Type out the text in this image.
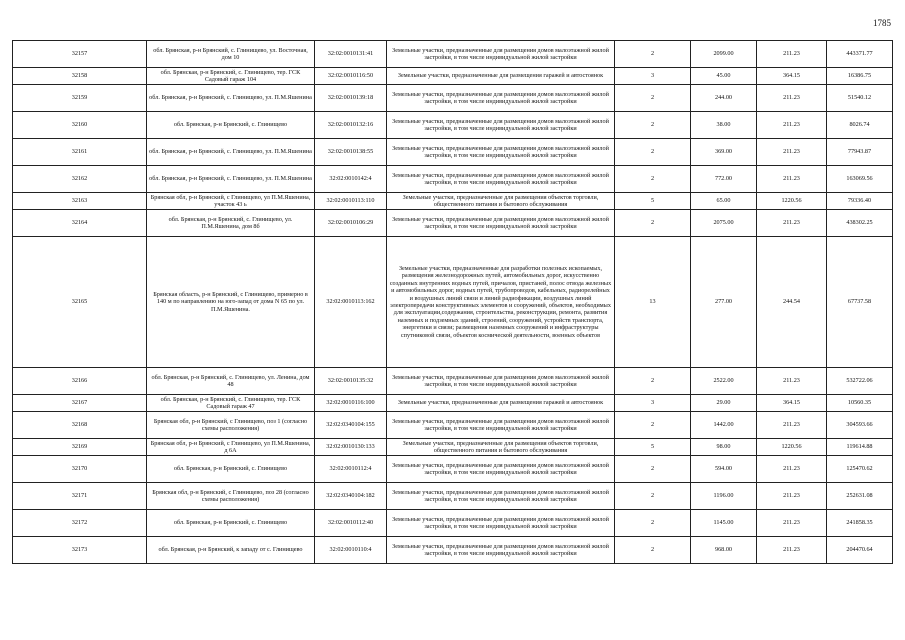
1785
32157	обл. Брянская, р-н Брянский, с. Глинищево, ул. Восточная, дом 10	32:02:0010131:41	Земельные участки, предназначенные для размещения домов малоэтажной жилой застройки, в том числе индивидуальной жилой застройки	2	2099.00	211.23	443371.77
32158	обл. Брянская, р-н Брянский, с. Глинищево, тер. ГСК Садовый гараж 104	32:02:0010116:50	Земельные участки, предназначенные для размещения гаражей и автостоянок	3	45.00	364.15	16386.75
32159	обл. Брянская, р-н Брянский, с. Глинищево, ул. П.М.Яшенина	32:02:0010139:18	Земельные участки, предназначенные для размещения домов малоэтажной жилой застройки, в том числе индивидуальной жилой застройки	2	244.00	211.23	51540.12
32160	обл. Брянская, р-н Брянский, с. Глинищево	32:02:0010132:16	Земельные участки, предназначенные для размещения домов малоэтажной жилой застройки, в том числе индивидуальной жилой застройки	2	38.00	211.23	8026.74
32161	обл. Брянская, р-н Брянский, с. Глинищево, ул. П.М.Яшенина	32:02:0010138:55	Земельные участки, предназначенные для размещения домов малоэтажной жилой застройки, в том числе индивидуальной жилой застройки	2	369.00	211.23	77943.87
32162	обл. Брянская, р-н Брянский, с. Глинищево, ул. П.М.Яшенина	32:02:0010142:4	Земельные участки, предназначенные для размещения домов малоэтажной жилой застройки, в том числе индивидуальной жилой застройки	2	772.00	211.23	163069.56
32163	Брянская обл, р-н Брянский, с Глинищево, ул П.М.Яшенина, участок 43 ь	32:02:0010113:110	Земельные участки, предназначенные для размещения объектов торговли, общественного питания и бытового обслуживания	5	65.00	1220.56	79336.40
32164	обл. Брянская, р-н Брянский, с. Глинищево, ул. П.М.Яшенина, дом 8б	32:02:0010106:29	Земельные участки, предназначенные для размещения домов малоэтажной жилой застройки, в том числе индивидуальной жилой застройки	2	2075.00	211.23	438302.25
32165	Брянская область, р-н Брянский, с Глинищево, примерно в 140 м по направлению на юго-запад от дома N 65 по ул. П.М.Яшенина.	32:02:0010113:162	Земельные участки, предназначенные для разработки полезных ископаемых, размещения железнодорожных путей, автомобильных дорог, искусственно созданных внутренних водных путей, причалов, пристаней, полос отвода железных и автомобильных дорог, водных путей, трубопроводов, кабельных, радиорелейных и воздушных линий связи и линий радиофикации, воздушных линий электропередачи конструктивных элементов и сооружений, объектов, необходимых для эксплуатации,содержания, строительства, реконструкции, ремонта, развития наземных и подземных зданий, строений, сооружений, устройств транспорта, энергетики и связи; размещения наземных сооружений и инфраструктуры спутниковой связи, объектов космической деятельности, военных объектов	13	277.00	244.54	67737.58
32166	обл. Брянская, р-н Брянский, с. Глинищево, ул. Ленина, дом 48	32:02:0010135:32	Земельные участки, предназначенные для размещения домов малоэтажной жилой застройки, в том числе индивидуальной жилой застройки	2	2522.00	211.23	532722.06
32167	обл. Брянская, р-н Брянский, с. Глинищево, тер. ГСК Садовый гараж 47	32:02:0010116:100	Земельные участки, предназначенные для размещения гаражей и автостоянок	3	29.00	364.15	10560.35
32168	Брянская обл, р-н Брянский, с Глинищево, поз 1 (согласно схемы расположения)	32:02:0340104:155	Земельные участки, предназначенные для размещения домов малоэтажной жилой застройки, в том числе индивидуальной жилой застройки	2	1442.00	211.23	304593.66
32169	Брянская обл, р-н Брянский, с Глинищево, ул П.М.Яшенина, д 6А	32:02:0010130:133	Земельные участки, предназначенные для размещения объектов торговли, общественного питания и бытового обслуживания	5	98.00	1220.56	119614.88
32170	обл. Брянская, р-н Брянский, с. Глинищево	32:02:0010112:4	Земельные участки, предназначенные для размещения домов малоэтажной жилой застройки, в том числе индивидуальной жилой застройки	2	594.00	211.23	125470.62
32171	Брянская обл, р-н Брянский, с Глинищево, поз 28 (согласно схемы расположения)	32:02:0340104:182	Земельные участки, предназначенные для размещения домов малоэтажной жилой застройки, в том числе индивидуальной жилой застройки	2	1196.00	211.23	252631.08
32172	обл. Брянская, р-н Брянский, с. Глинищево	32:02:0010112:40	Земельные участки, предназначенные для размещения домов малоэтажной жилой застройки, в том числе индивидуальной жилой застройки	2	1145.00	211.23	241858.35
32173	обл. Брянская, р-н Брянский, к западу от с. Глинищево	32:02:0010110:4	Земельные участки, предназначенные для размещения домов малоэтажной жилой застройки, в том числе индивидуальной жилой застройки	2	968.00	211.23	204470.64
